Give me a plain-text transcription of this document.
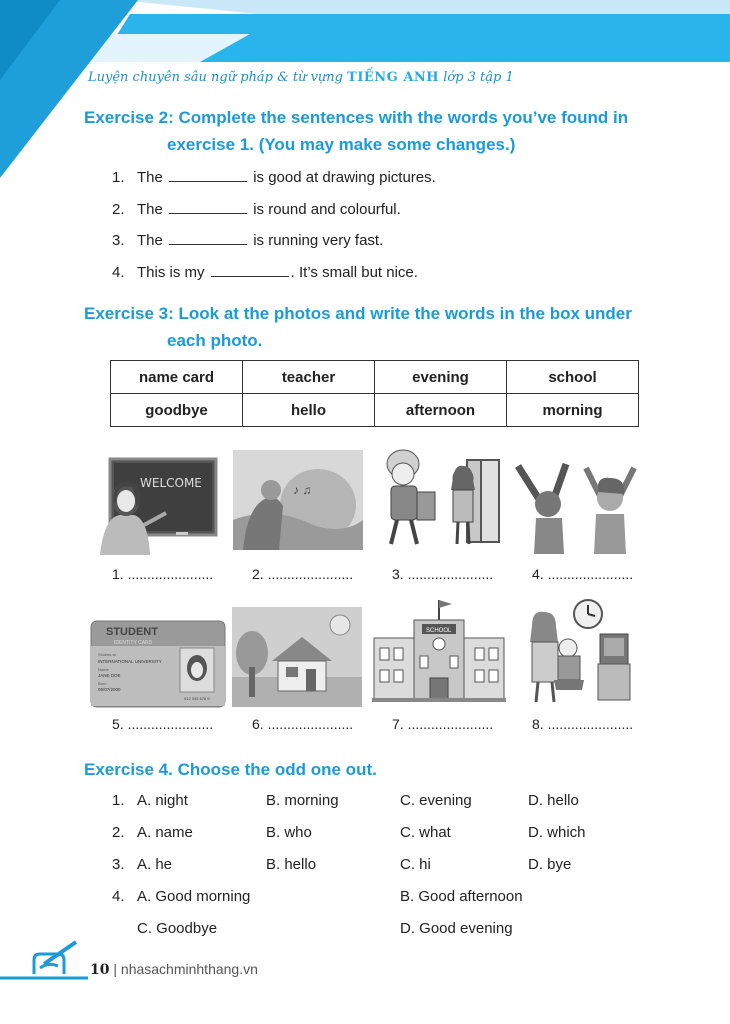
Luyện chuyên sâu ngữ pháp & từ vựng TIẾNG ANH lớp 3 tập 1
Exercise 2: Complete the sentences with the words you’ve found in
exercise 1. (You may make some changes.)
1. The	is good at drawing pictures.
2. The	is round and colourful.
3. The	is running very fast.
4. This is my	. It’s small but nice.
Exercise 3: Look at the photos and write the words in the box under
each photo.
name card	teacher	evening	school
goodbye	hello	afternoon	morning
WELCOME	♪ ♫
STUDENT
IDENTITY CARD
Studies at
INTERNATIONAL UNIVERSITY
Name
JANE DOE
Born
05/07/2000
012 345 678 9
SCHOOL
1. ......................	2. ......................	3. ......................	4. ......................
5. ......................	6. ......................	7. ......................	8. ......................
Exercise 4. Choose the odd one out.
1. A. night	B. morning	C. evening	D. hello
2. A. name	B. who	C. what	D. which
3. A. he	B. hello	C. hi	D. bye
4. A. Good morning	B. Good afternoon
C. Goodbye	D. Good evening
10 | nhasachminhthang.vn
